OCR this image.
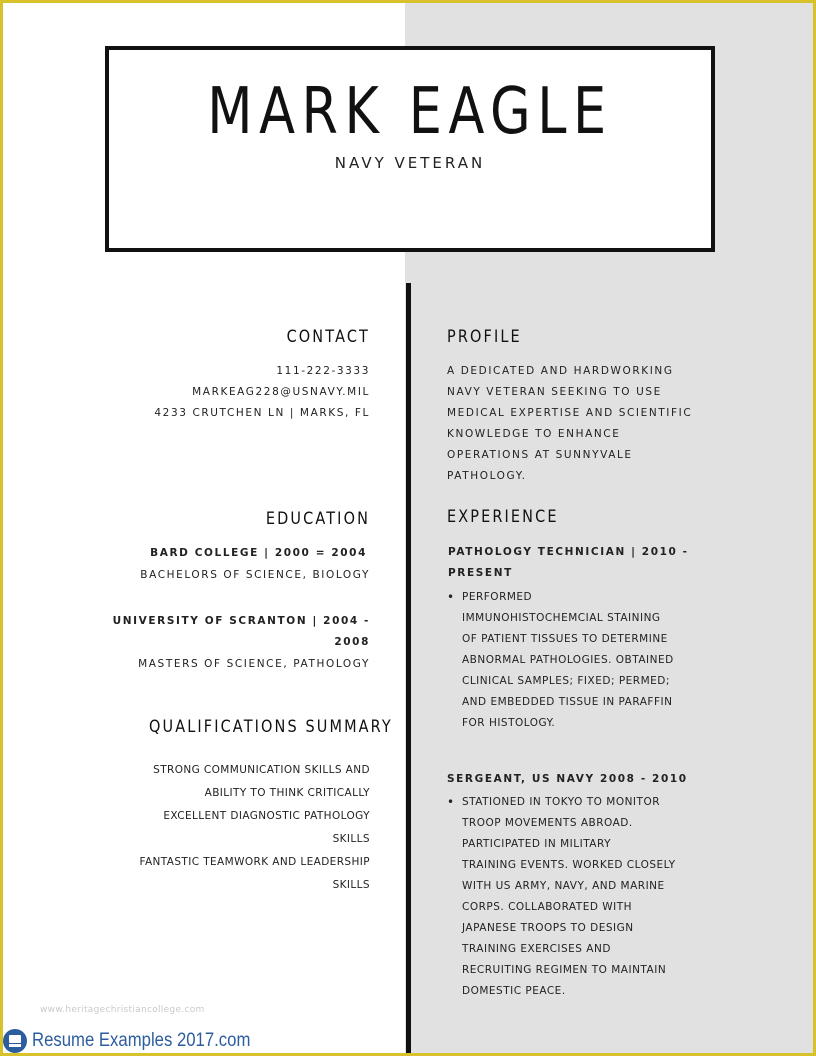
MARK EAGLE
NAVY VETERAN
CONTACT
111-222-3333
MARKEAG228@USNAVY.MIL
4233 CRUTCHEN LN | MARKS, FL
EDUCATION
BARD COLLEGE | 2000 = 2004
BACHELORS OF SCIENCE, BIOLOGY
UNIVERSITY OF SCRANTON | 2004 -
2008
MASTERS OF SCIENCE, PATHOLOGY
QUALIFICATIONS SUMMARY
STRONG COMMUNICATION SKILLS AND
ABILITY TO THINK CRITICALLY
EXCELLENT DIAGNOSTIC PATHOLOGY
SKILLS
FANTASTIC TEAMWORK AND LEADERSHIP
SKILLS
PROFILE
A DEDICATED AND HARDWORKING
NAVY VETERAN SEEKING TO USE
MEDICAL EXPERTISE AND SCIENTIFIC
KNOWLEDGE TO ENHANCE
OPERATIONS AT SUNNYVALE
PATHOLOGY.
EXPERIENCE
PATHOLOGY TECHNICIAN | 2010 -
PRESENT
• PERFORMED
IMMUNOHISTOCHEMCIAL STAINING
OF PATIENT TISSUES TO DETERMINE
ABNORMAL PATHOLOGIES. OBTAINED
CLINICAL SAMPLES; FIXED; PERMED;
AND EMBEDDED TISSUE IN PARAFFIN
FOR HISTOLOGY.
SERGEANT, US NAVY 2008 - 2010
• STATIONED IN TOKYO TO MONITOR
TROOP MOVEMENTS ABROAD.
PARTICIPATED IN MILITARY
TRAINING EVENTS. WORKED CLOSELY
WITH US ARMY, NAVY, AND MARINE
CORPS. COLLABORATED WITH
JAPANESE TROOPS TO DESIGN
TRAINING EXERCISES AND
RECRUITING REGIMEN TO MAINTAIN
DOMESTIC PEACE.
www.heritagechristiancollege.com
Resume Examples 2017.com
